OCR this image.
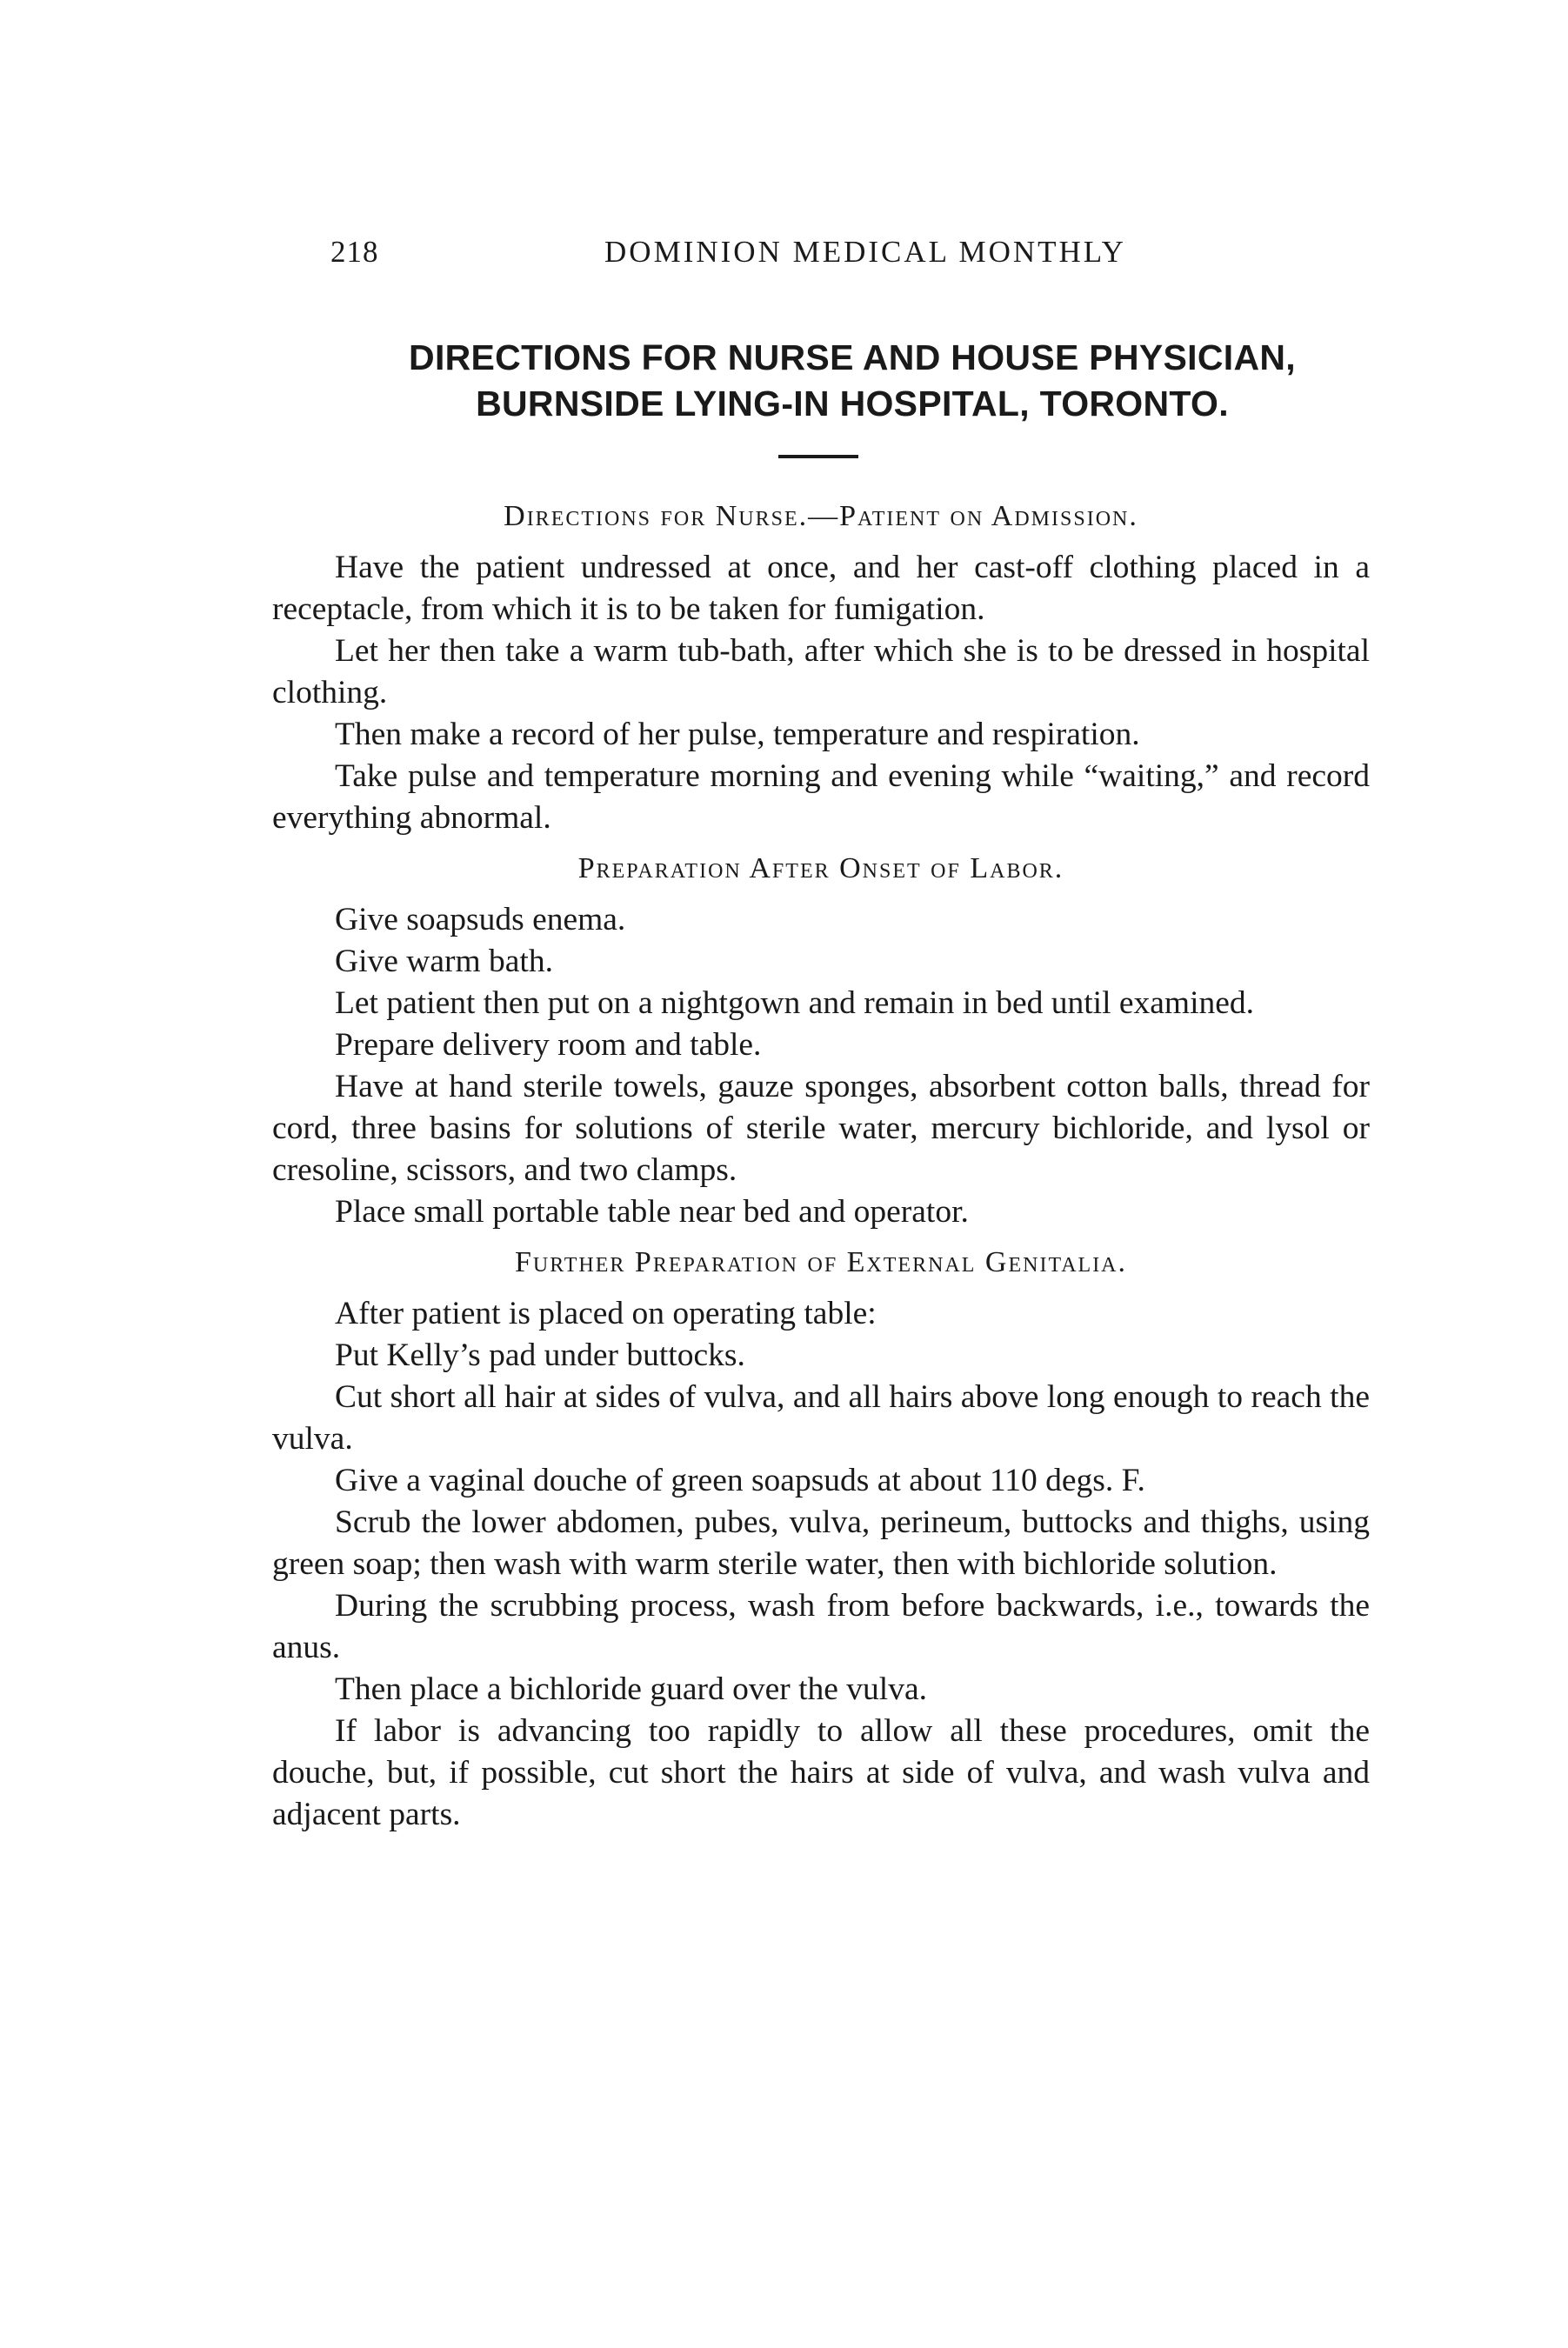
218	DOMINION MEDICAL MONTHLY
DIRECTIONS FOR NURSE AND HOUSE PHYSICIAN,
BURNSIDE LYING-IN HOSPITAL, TORONTO.
Directions for Nurse.—Patient on Admission.

Have the patient undressed at once, and her cast-off clothing placed in a receptacle, from which it is to be taken for fumigation.

Let her then take a warm tub-bath, after which she is to be dressed in hospital clothing.

Then make a record of her pulse, temperature and respiration.

Take pulse and temperature morning and evening while “waiting,” and record everything abnormal.

Preparation After Onset of Labor.

Give soapsuds enema.

Give warm bath.

Let patient then put on a nightgown and remain in bed until examined.

Prepare delivery room and table.

Have at hand sterile towels, gauze sponges, absorbent cotton balls, thread for cord, three basins for solutions of sterile water, mercury bichloride, and lysol or cresoline, scissors, and two clamps.

Place small portable table near bed and operator.

Further Preparation of External Genitalia.

After patient is placed on operating table:

Put Kelly’s pad under buttocks.

Cut short all hair at sides of vulva, and all hairs above long enough to reach the vulva.

Give a vaginal douche of green soapsuds at about 110 degs. F.

Scrub the lower abdomen, pubes, vulva, perineum, buttocks and thighs, using green soap; then wash with warm sterile water, then with bichloride solution.

During the scrubbing process, wash from before backwards, i.e., towards the anus.

Then place a bichloride guard over the vulva.

If labor is advancing too rapidly to allow all these procedures, omit the douche, but, if possible, cut short the hairs at side of vulva, and wash vulva and adjacent parts.
